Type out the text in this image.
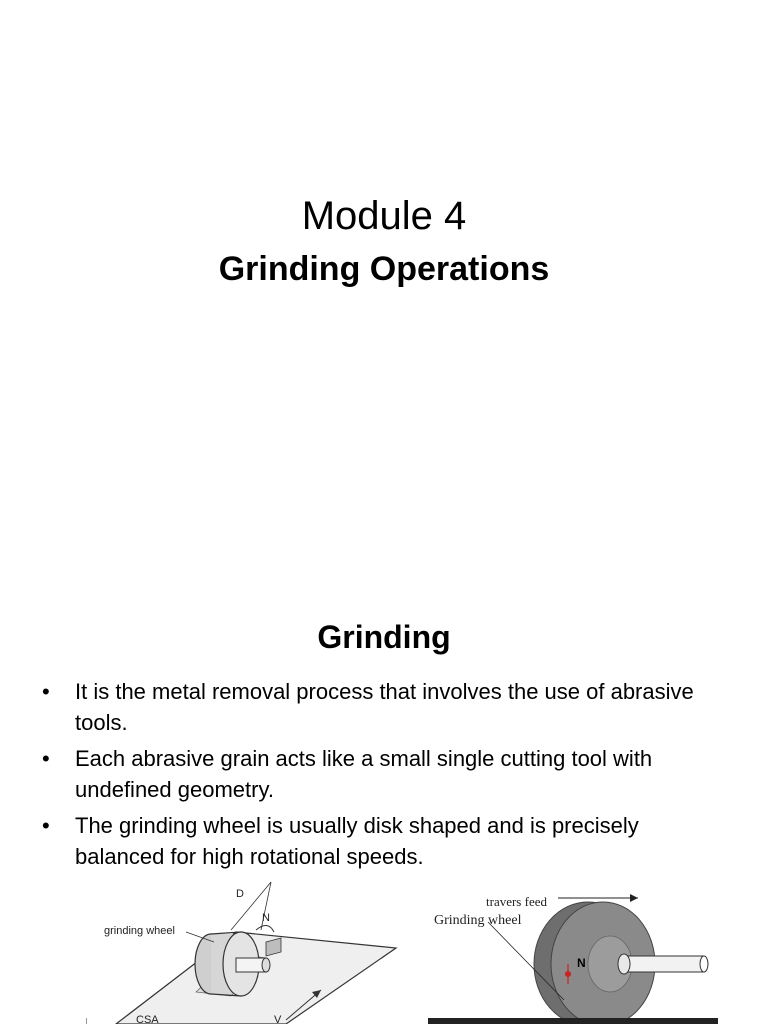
Module 4
Grinding Operations
Grinding
• It is the metal removal process that involves the use of abrasive tools.
• Each abrasive grain acts like a small single cutting tool with undefined geometry.
• The grinding wheel is usually disk shaped and is precisely balanced for high rotational speeds.
grinding wheel
D
N
CSA	V
travers feed
Grinding wheel
N
